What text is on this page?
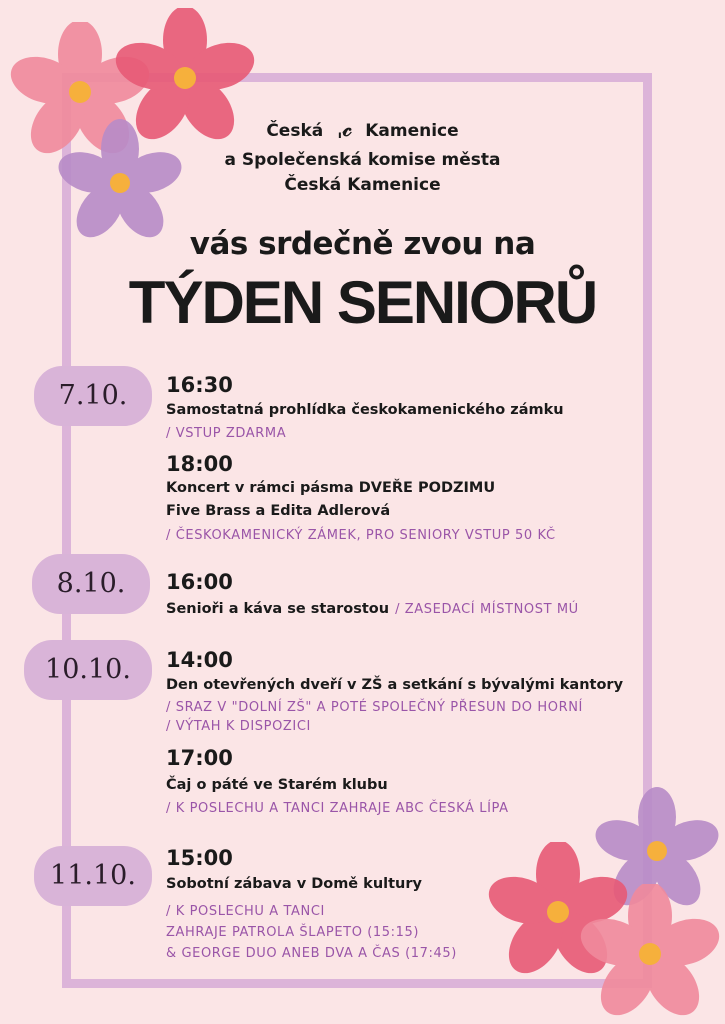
Česká ˌ𝒸 Kamenice
a Společenská komise města
Česká Kamenice
vás srdečně zvou na
TÝDEN SENIORŮ
7.10.	16:30
Samostatná prohlídka českokamenického zámku
/ VSTUP ZDARMA
18:00
Koncert v rámci pásma DVEŘE PODZIMU
Five Brass a Edita Adlerová
/ ČESKOKAMENICKÝ ZÁMEK, PRO SENIORY VSTUP 50 KČ
8.10.	16:00
Senioři a káva se starostou / ZASEDACÍ MÍSTNOST MÚ
10.10.	14:00
Den otevřených dveří v ZŠ a setkání s bývalými kantory
/ SRAZ V "DOLNÍ ZŠ" A POTÉ SPOLEČNÝ PŘESUN DO HORNÍ
/ VÝTAH K DISPOZICI
17:00
Čaj o páté ve Starém klubu
/ K POSLECHU A TANCI ZAHRAJE ABC ČESKÁ LÍPA
11.10.
15:00
Sobotní zábava v Domě kultury
/ K POSLECHU A TANCI
ZAHRAJE PATROLA ŠLAPETO (15:15)
& GEORGE DUO ANEB DVA A ČAS (17:45)
